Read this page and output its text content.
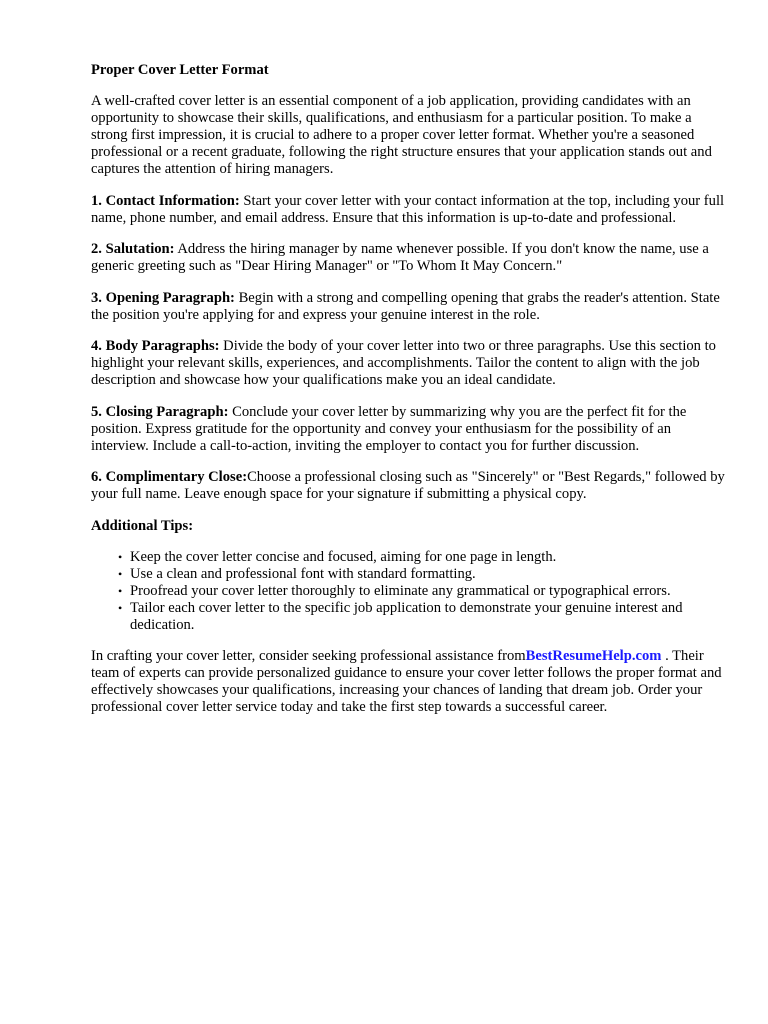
Proper Cover Letter Format

A well-crafted cover letter is an essential component of a job application, providing candidates with an opportunity to showcase their skills, qualifications, and enthusiasm for a particular position. To make a strong first impression, it is crucial to adhere to a proper cover letter format. Whether you're a seasoned professional or a recent graduate, following the right structure ensures that your application stands out and captures the attention of hiring managers.

1. Contact Information: Start your cover letter with your contact information at the top, including your full name, phone number, and email address. Ensure that this information is up-to-date and professional.

2. Salutation: Address the hiring manager by name whenever possible. If you don't know the name, use a generic greeting such as "Dear Hiring Manager" or "To Whom It May Concern."

3. Opening Paragraph: Begin with a strong and compelling opening that grabs the reader's attention. State the position you're applying for and express your genuine interest in the role.

4. Body Paragraphs: Divide the body of your cover letter into two or three paragraphs. Use this section to highlight your relevant skills, experiences, and accomplishments. Tailor the content to align with the job description and showcase how your qualifications make you an ideal candidate.

5. Closing Paragraph: Conclude your cover letter by summarizing why you are the perfect fit for the position. Express gratitude for the opportunity and convey your enthusiasm for the possibility of an interview. Include a call-to-action, inviting the employer to contact you for further discussion.

6. Complimentary Close:Choose a professional closing such as "Sincerely" or "Best Regards," followed by your full name. Leave enough space for your signature if submitting a physical copy.

Additional Tips:
• Keep the cover letter concise and focused, aiming for one page in length.
• Use a clean and professional font with standard formatting.
• Proofread your cover letter thoroughly to eliminate any grammatical or typographical errors.
• Tailor each cover letter to the specific job application to demonstrate your genuine interest and dedication.

In crafting your cover letter, consider seeking professional assistance fromBestResumeHelp.com . Their team of experts can provide personalized guidance to ensure your cover letter follows the proper format and effectively showcases your qualifications, increasing your chances of landing that dream job. Order your professional cover letter service today and take the first step towards a successful career.
